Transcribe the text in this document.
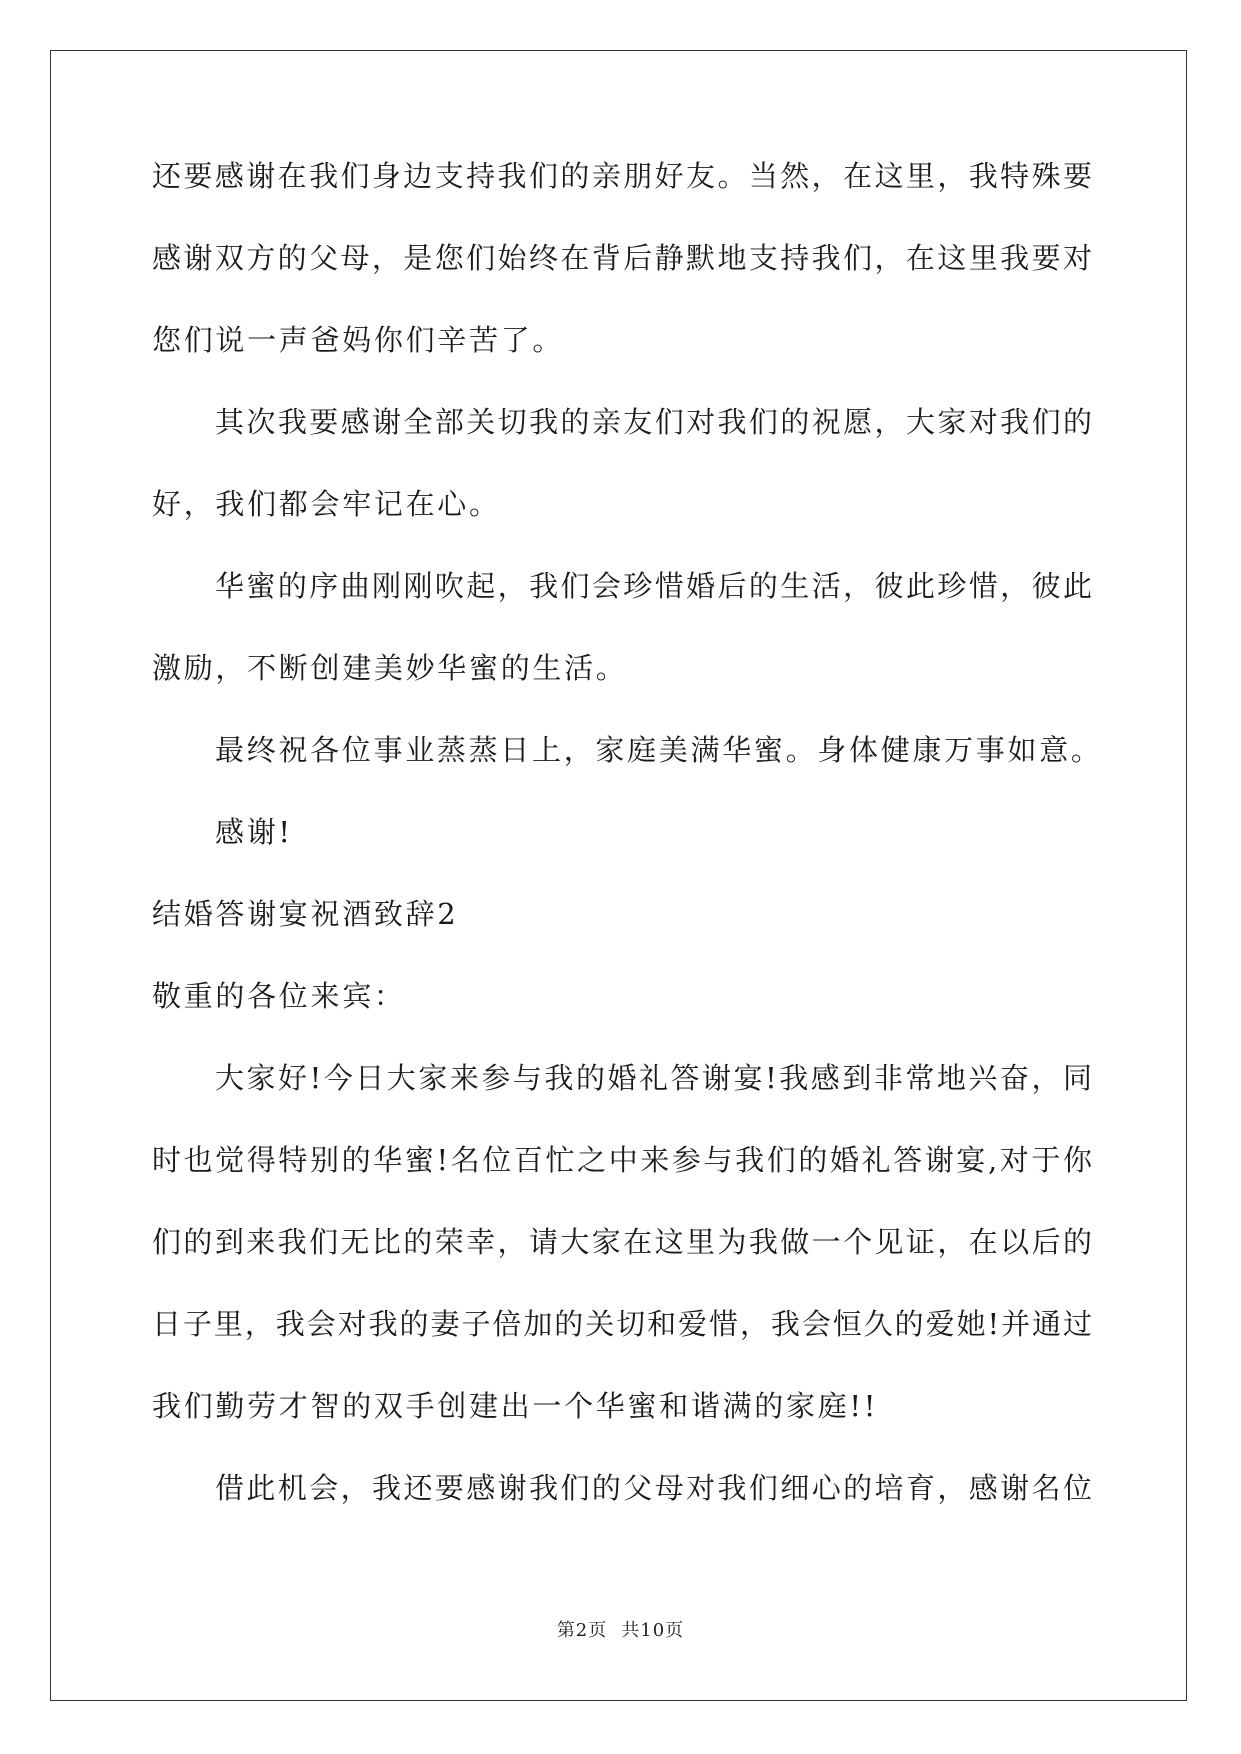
还要感谢在我们身边支持我们的亲朋好友。当然，在这里，我特殊要
感谢双方的父母，是您们始终在背后静默地支持我们，在这里我要对
您们说一声爸妈你们辛苦了。
其次我要感谢全部关切我的亲友们对我们的祝愿，大家对我们的
好，我们都会牢记在心。
华蜜的序曲刚刚吹起，我们会珍惜婚后的生活，彼此珍惜，彼此
激励，不断创建美妙华蜜的生活。
最终祝各位事业蒸蒸日上，家庭美满华蜜。身体健康万事如意。
感谢!
结婚答谢宴祝酒致辞2
敬重的各位来宾：
大家好!今日大家来参与我的婚礼答谢宴!我感到非常地兴奋，同
时也觉得特别的华蜜!名位百忙之中来参与我们的婚礼答谢宴,对于你
们的到来我们无比的荣幸，请大家在这里为我做一个见证，在以后的
日子里，我会对我的妻子倍加的关切和爱惜，我会恒久的爱她!并通过
我们勤劳才智的双手创建出一个华蜜和谐满的家庭!!
借此机会，我还要感谢我们的父母对我们细心的培育，感谢名位
第2页 共10页
